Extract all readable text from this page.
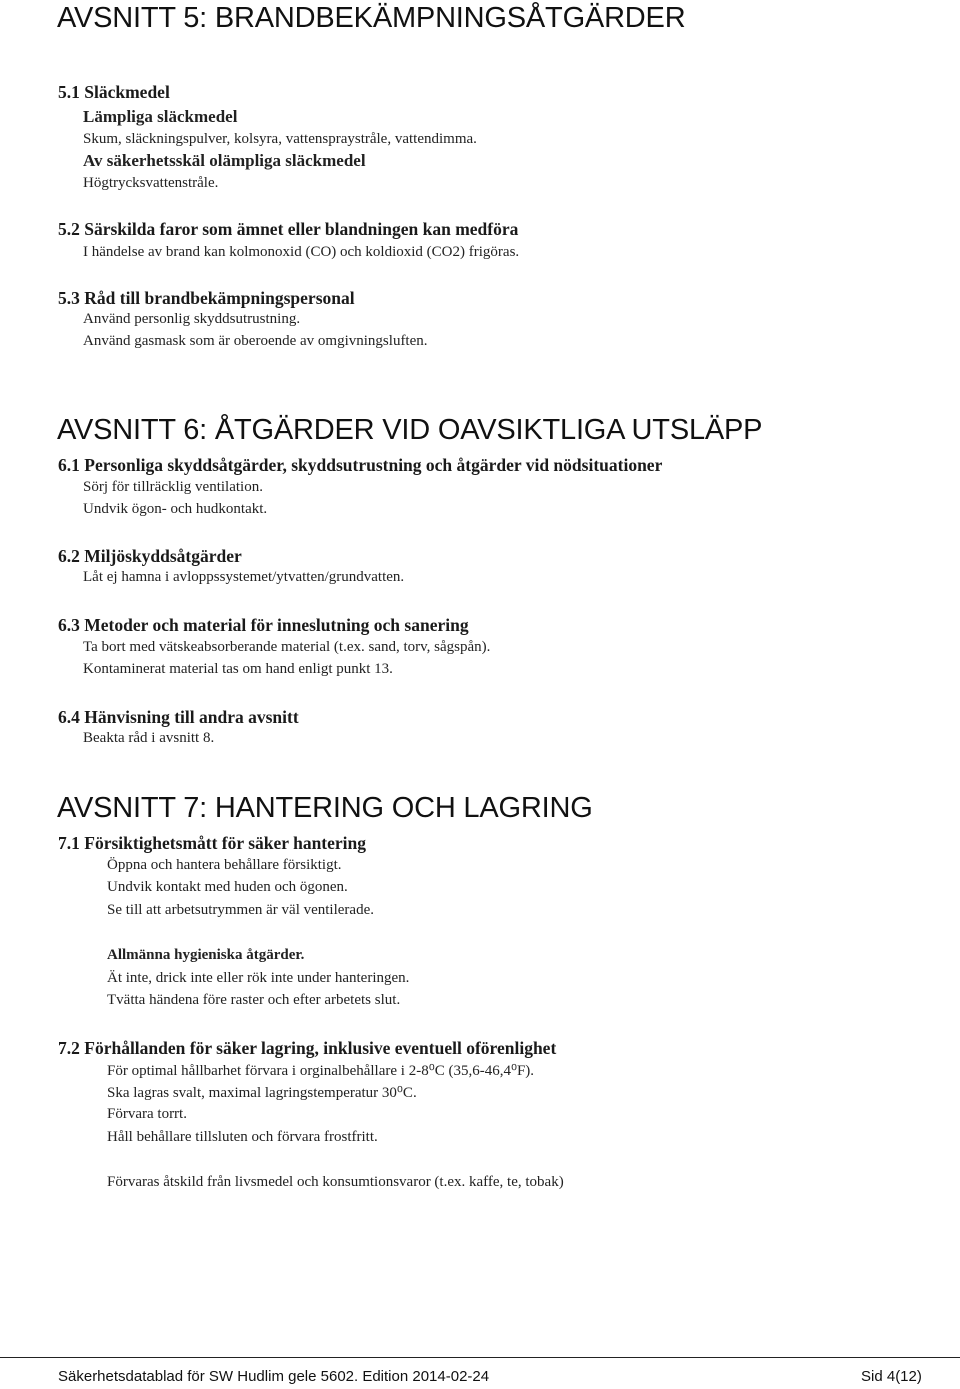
AVSNITT 5: BRANDBEKÄMPNINGSÅTGÄRDER

5.1 Släckmedel

Lämpliga släckmedel

Skum, släckningspulver, kolsyra, vattenspraystråle, vattendimma.

Av säkerhetsskäl olämpliga släckmedel

Högtrycksvattenstråle.

5.2 Särskilda faror som ämnet eller blandningen kan medföra

I händelse av brand kan kolmonoxid (CO) och koldioxid (CO2) frigöras.

5.3 Råd till brandbekämpningspersonal

Använd personlig skyddsutrustning.

Använd gasmask som är oberoende av omgivningsluften.

AVSNITT 6: ÅTGÄRDER VID OAVSIKTLIGA UTSLÄPP

6.1 Personliga skyddsåtgärder, skyddsutrustning och åtgärder vid nödsituationer

Sörj för tillräcklig ventilation.

Undvik ögon- och hudkontakt.

6.2 Miljöskyddsåtgärder

Låt ej hamna i avloppssystemet/ytvatten/grundvatten.

6.3 Metoder och material för inneslutning och sanering

Ta bort med vätskeabsorberande material (t.ex. sand, torv, sågspån).

Kontaminerat material tas om hand enligt punkt 13.

6.4 Hänvisning till andra avsnitt

Beakta råd i avsnitt 8.

AVSNITT 7: HANTERING OCH LAGRING

7.1 Försiktighetsmått för säker hantering

Öppna och hantera behållare försiktigt.

Undvik kontakt med huden och ögonen.

Se till att arbetsutrymmen är väl ventilerade.

Allmänna hygieniska åtgärder.

Ät inte, drick inte eller rök inte under hanteringen.

Tvätta händena före raster och efter arbetets slut.

7.2 Förhållanden för säker lagring, inklusive eventuell oförenlighet

För optimal hållbarhet förvara i orginalbehållare i 2-8⁰C (35,6-46,4⁰F).

Ska lagras svalt, maximal lagringstemperatur 30⁰C.

Förvara torrt.

Håll behållare tillsluten och förvara frostfritt.

Förvaras åtskild från livsmedel och konsumtionsvaror (t.ex. kaffe, te, tobak)

Säkerhetsdatablad för SW Hudlim gele 5602. Edition 2014-02-24	Sid 4(12)
